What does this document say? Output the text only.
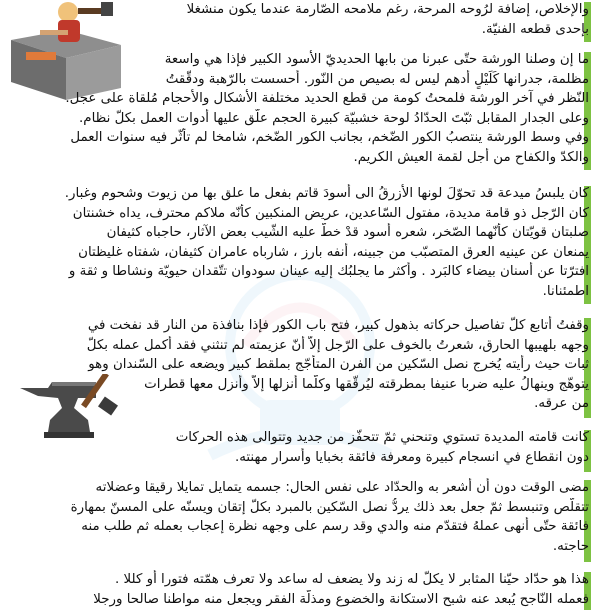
والإخلاص، إضافة لرُوحه المرحة، رغم ملامحه الصّارمة عندما يكون منشغلا
بإحدى قطعه الفنيّة.
ما إن وصلنا الورشة حتّى عبرنا من بابها الحديديّ الأسود الكبير فإذا هي واسعة
مظلمة، جدرانها كَلَيْلٍ أدهم ليس له بصيص من النّور. أحسست بالرّهبة ودقّقتُ
النّظر في آخر الورشة فلمحتُ كومة من قطع الحديد مختلفة الأشكال والأحجام مُلقاة على عجل.
وعلى الجدار المقابل ثبّتَ الحدّادُ لوحة خشبيّة كبيرة الحجم علّق عليها أدوات العمل بكلّ نظام.
وفي وسط الورشة ينتصبُ الكور الضّخم، بجانب الكور الضّخم، شامخا لم تأثّر فيه سنوات العمل
والكدّ والكفاح من أجل لقمة العيش الكريم.
كان يلبسُ ميدعة قد تحوّلَ لونها الأزرقُ الى أسودَ قاتم بفعل ما علق بها من زيوت وشحوم وغبار.
كان الرّجل ذو قامة مديدة، مفتول السّاعدين، عريض المنكبين كأنّه ملاكم محترف، يداه خشنتان
صلبتان قويّتان كأنّهما الصّخر، شعره أسود قدْ خطّ عليه الشّيب بعض الآثار، حاجباه كثيفان
يمنعان عن عينيه العرق المتصبّب من جبينه، أنفه بارز ، شارباه عامران كثيفان، شفتاه غليظتان
افترّتا عن أسنان بيضاء كالبَرد . وأكثر ما يجلبُك إليه عينان سودوان تتّقدان حيويّة ونشاطا و ثقة و
اطمئنانا.
وقفتُ أتابع كلّ تفاصيل حركاته بذهول كبير، فتح باب الكور فإذا بنافذة من النار قد نفخت في
وجهه بلهيبها الحارق، شعرتُ بالخوف على الرّجل إلاّ أنّ عزيمته لم تنثني فقد أكمل عمله بكلّ
ثبات حيث رأيته يُخرج نصل السّكين من الفرن المتأجّج بملقط كبير ويضعه على السّندان وهو
يتوهّج وينهالُ عليه ضربا عنيفا بمطرقته ليُرقّقها وكلّما أنزلها إلاّ وأنزل معها قطرات
من عرقه.
كانت قامته المديدة تستوي وتنحني ثمّ تتحفّز من جديد وتتوالى هذه الحركات
دون انقطاع في انسجام كبيرة ومعرفة فائقة بخبايا وأسرار مهنته.
مضى الوقت دون أن أشعر به والحدّاد على نفس الحال: جسمه يتمايل تمايلا رقيقا وعضلاته
تتقلّص وتنبسط ثمّ جعل بعد ذلك يردُّ نصل السّكين بالمبرد بكلّ إتقان ويسنّه على المسنّ بمهارة
فائقة حتّى أنهى عملهُ فتقدّم منه والدي وقد رسم على وجهه نظرة إعجاب بعمله ثم طلب منه
حاجته.
هذا هو حدّاد حيّنا المثابر لا يكلّ له زند ولا يضعف له ساعد ولا تعرف همّته فتورا أو كللا .
فعمله النّاجح يُبعد عنه شبح الاستكانة والخضوع ومذلّة الفقر ويجعل منه مواطنا صالحا ورجلا
